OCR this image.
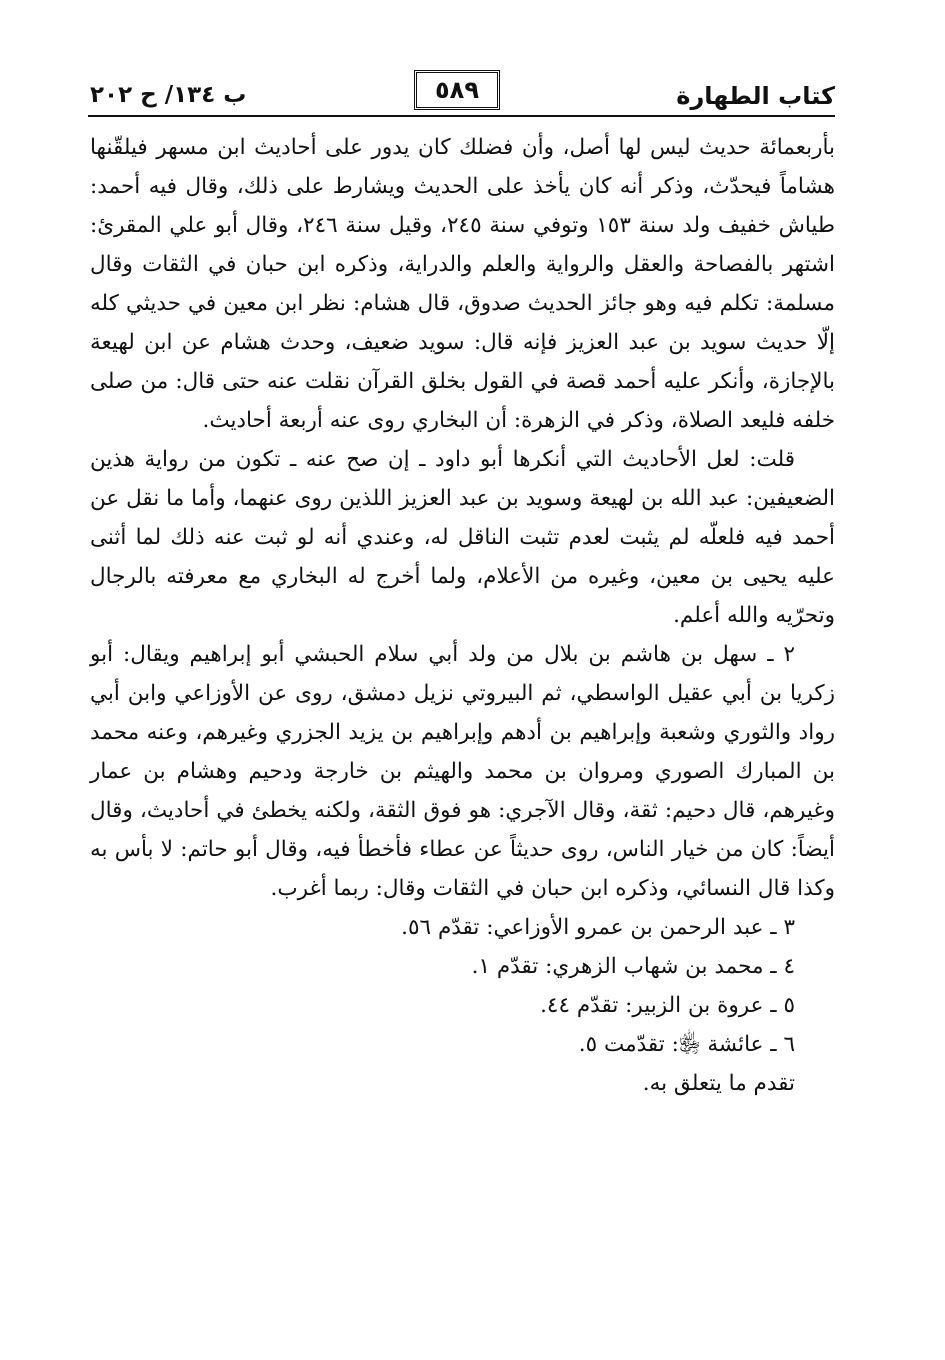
كتاب الطهارة
٥٨٩
ب ١٣٤/ ح ٢٠٢

بأربعمائة حديث ليس لها أصل، وأن فضلك كان يدور على أحاديث ابن مسهر فيلقّنها هشاماً فيحدّث، وذكر أنه كان يأخذ على الحديث ويشارط على ذلك، وقال فيه أحمد: طياش خفيف ولد سنة ١٥٣ وتوفي سنة ٢٤٥، وقيل سنة ٢٤٦، وقال أبو علي المقرئ: اشتهر بالفصاحة والعقل والرواية والعلم والدراية، وذكره ابن حبان في الثقات وقال مسلمة: تكلم فيه وهو جائز الحديث صدوق، قال هشام: نظر ابن معين في حديثي كله إلّا حديث سويد بن عبد العزيز فإنه قال: سويد ضعيف، وحدث هشام عن ابن لهيعة بالإجازة، وأنكر عليه أحمد قصة في القول بخلق القرآن نقلت عنه حتى قال: من صلى خلفه فليعد الصلاة، وذكر في الزهرة: أن البخاري روى عنه أربعة أحاديث.

قلت: لعل الأحاديث التي أنكرها أبو داود ـ إن صح عنه ـ تكون من رواية هذين الضعيفين: عبد الله بن لهيعة وسويد بن عبد العزيز اللذين روى عنهما، وأما ما نقل عن أحمد فيه فلعلّه لم يثبت لعدم تثبت الناقل له، وعندي أنه لو ثبت عنه ذلك لما أثنى عليه يحيى بن معين، وغيره من الأعلام، ولما أخرج له البخاري مع معرفته بالرجال وتحرّيه والله أعلم.

٢ ـ سهل بن هاشم بن بلال من ولد أبي سلام الحبشي أبو إبراهيم ويقال: أبو زكريا بن أبي عقيل الواسطي، ثم البيروتي نزيل دمشق، روى عن الأوزاعي وابن أبي رواد والثوري وشعبة وإبراهيم بن أدهم وإبراهيم بن يزيد الجزري وغيرهم، وعنه محمد بن المبارك الصوري ومروان بن محمد والهيثم بن خارجة ودحيم وهشام بن عمار وغيرهم، قال دحيم: ثقة، وقال الآجري: هو فوق الثقة، ولكنه يخطئ في أحاديث، وقال أيضاً: كان من خيار الناس، روى حديثاً عن عطاء فأخطأ فيه، وقال أبو حاتم: لا بأس به وكذا قال النسائي، وذكره ابن حبان في الثقات وقال: ربما أغرب.

٣ ـ عبد الرحمن بن عمرو الأوزاعي: تقدّم ٥٦.

٤ ـ محمد بن شهاب الزهري: تقدّم ١.

٥ ـ عروة بن الزبير: تقدّم ٤٤.

٦ ـ عائشة ﵂: تقدّمت ٥.

تقدم ما يتعلق به.
